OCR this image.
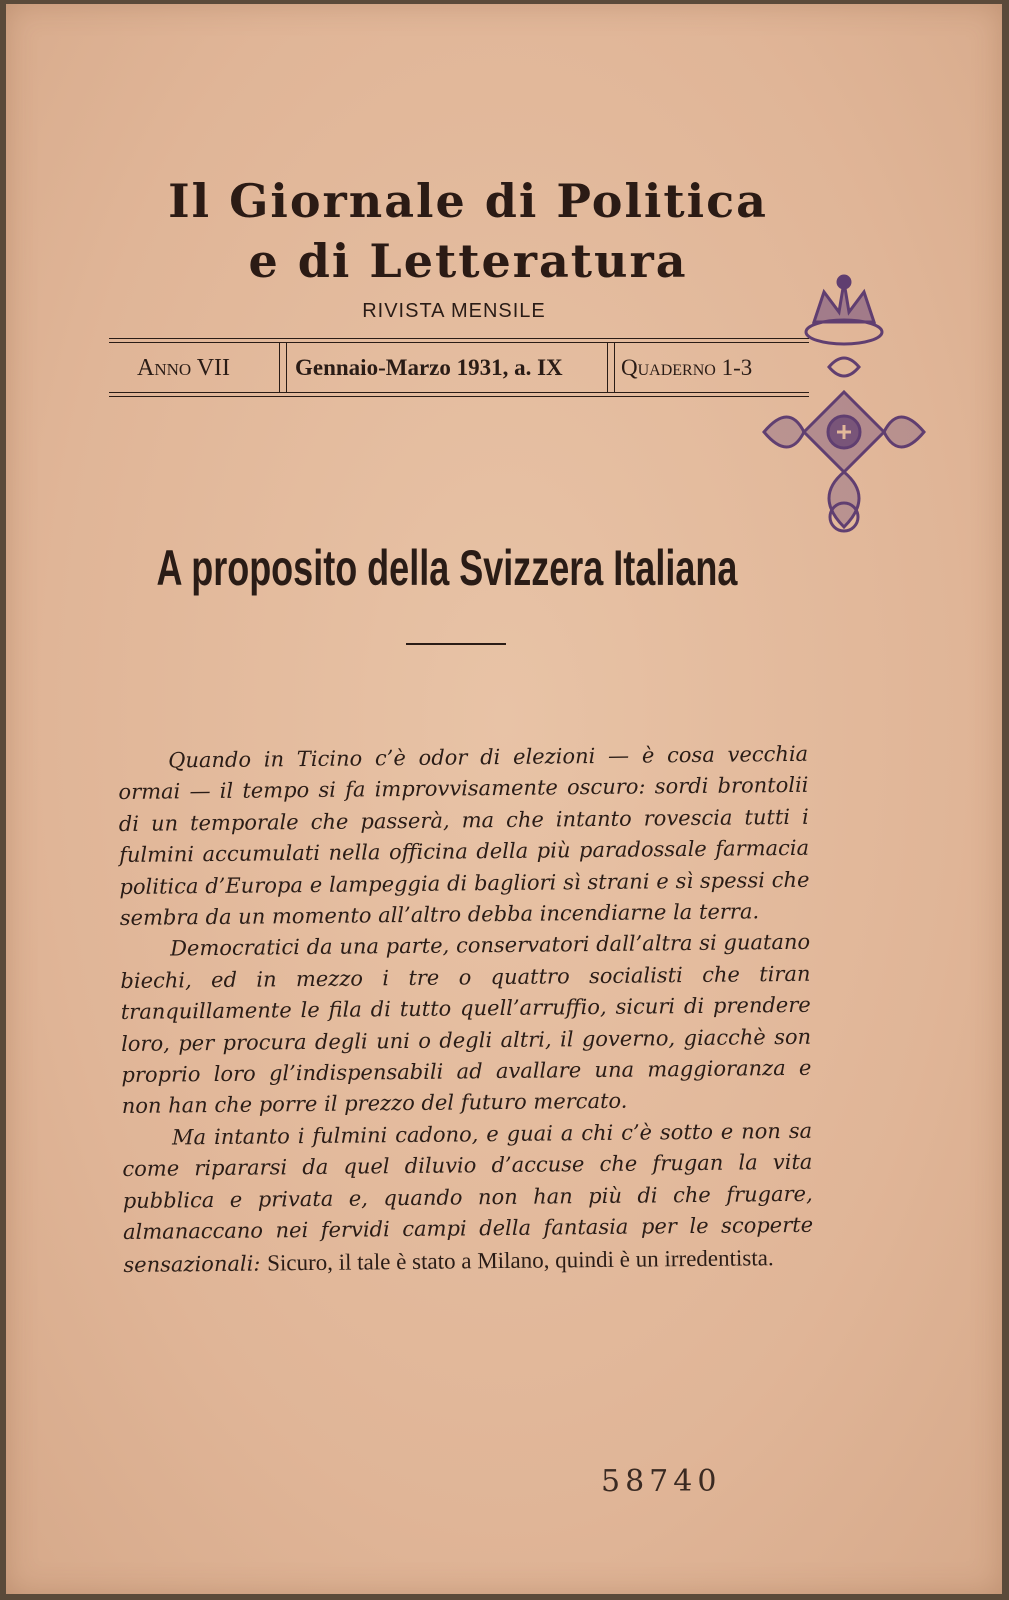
Il Giornale di Politica
e di Letteratura
RIVISTA MENSILE
Anno VII	Gennaio-Marzo 1931, a. IX	Quaderno 1-3
A proposito della Svizzera Italiana

Quando in Ticino c’è odor di elezioni — è cosa vecchia ormai — il tempo si fa improvvisamente oscuro: sordi brontolii di un temporale che passerà, ma che intanto rovescia tutti i fulmini accumulati nella officina della più paradossale farmacia politica d’Europa e lampeggia di bagliori sì strani e sì spessi che sembra da un momento all’altro debba incendiarne la terra.

Democratici da una parte, conservatori dall’altra si guatano biechi, ed in mezzo i tre o quattro socialisti che tiran tranquillamente le fila di tutto quell’arruffio, sicuri di prendere loro, per procura degli uni o degli altri, il governo, giacchè son proprio loro gl’indispensabili ad avallare una maggioranza e non han che porre il prezzo del futuro mercato.

Ma intanto i fulmini cadono, e guai a chi c’è sotto e non sa come ripararsi da quel diluvio d’accuse che frugan la vita pubblica e privata e, quando non han più di che frugare, almanaccano nei fervidi campi della fantasia per le scoperte sensazionali: Sicuro, il tale è stato a Milano, quindi è un irredentista.

58740
